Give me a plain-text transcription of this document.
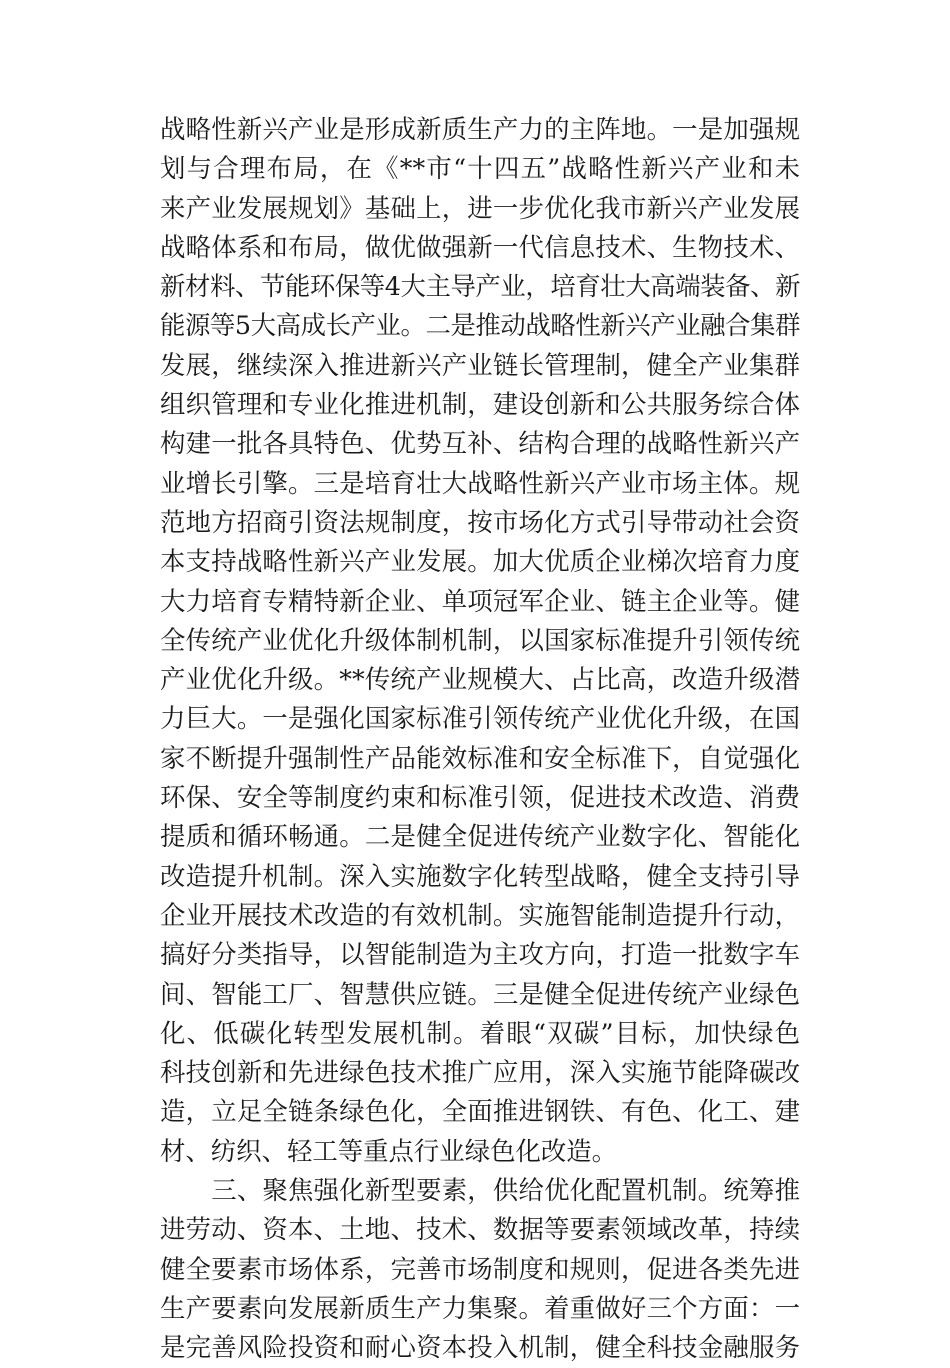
战略性新兴产业是形成新质生产力的主阵地。一是加强规
划与合理布局，在《**市“十四五”战略性新兴产业和未
来产业发展规划》基础上，进一步优化我市新兴产业发展
战略体系和布局，做优做强新一代信息技术、生物技术、
新材料、节能环保等4大主导产业，培育壮大高端装备、新
能源等5大高成长产业。二是推动战略性新兴产业融合集群
发展，继续深入推进新兴产业链长管理制，健全产业集群
组织管理和专业化推进机制，建设创新和公共服务综合体
构建一批各具特色、优势互补、结构合理的战略性新兴产
业增长引擎。三是培育壮大战略性新兴产业市场主体。规
范地方招商引资法规制度，按市场化方式引导带动社会资
本支持战略性新兴产业发展。加大优质企业梯次培育力度
大力培育专精特新企业、单项冠军企业、链主企业等。健
全传统产业优化升级体制机制，以国家标准提升引领传统
产业优化升级。**传统产业规模大、占比高，改造升级潜
力巨大。一是强化国家标准引领传统产业优化升级，在国
家不断提升强制性产品能效标准和安全标准下，自觉强化
环保、安全等制度约束和标准引领，促进技术改造、消费
提质和循环畅通。二是健全促进传统产业数字化、智能化
改造提升机制。深入实施数字化转型战略，健全支持引导
企业开展技术改造的有效机制。实施智能制造提升行动，
搞好分类指导，以智能制造为主攻方向，打造一批数字车
间、智能工厂、智慧供应链。三是健全促进传统产业绿色
化、低碳化转型发展机制。着眼“双碳”目标，加快绿色
科技创新和先进绿色技术推广应用，深入实施节能降碳改
造，立足全链条绿色化，全面推进钢铁、有色、化工、建
材、纺织、轻工等重点行业绿色化改造。
　　三、聚焦强化新型要素，供给优化配置机制。统筹推
进劳动、资本、土地、技术、数据等要素领域改革，持续
健全要素市场体系，完善市场制度和规则，促进各类先进
生产要素向发展新质生产力集聚。着重做好三个方面：一
是完善风险投资和耐心资本投入机制，健全科技金融服务
